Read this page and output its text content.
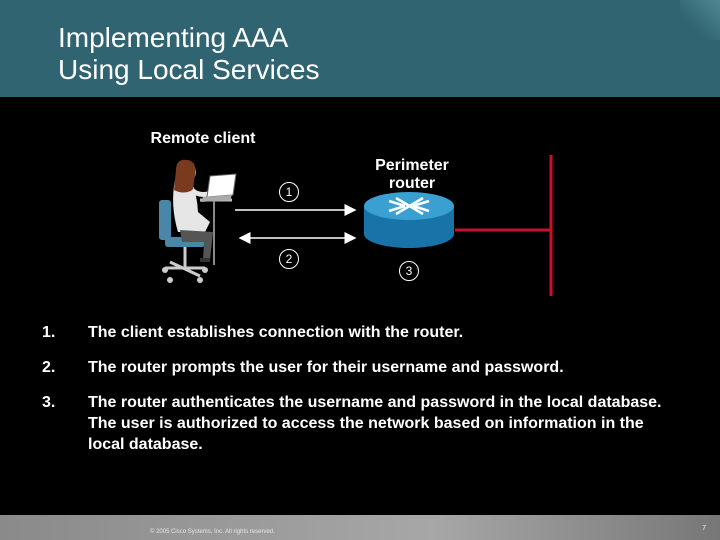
Implementing AAA
Using Local Services
Remote client
Perimeter
router
1
2
3
1.	The client establishes connection with the router.
2.	The router prompts the user for their username and password.
3.	The router authenticates the username and password in the local database. The user is authorized to access the network based on information in the local database.
© 2005 Cisco Systems, Inc. All rights reserved.	7
